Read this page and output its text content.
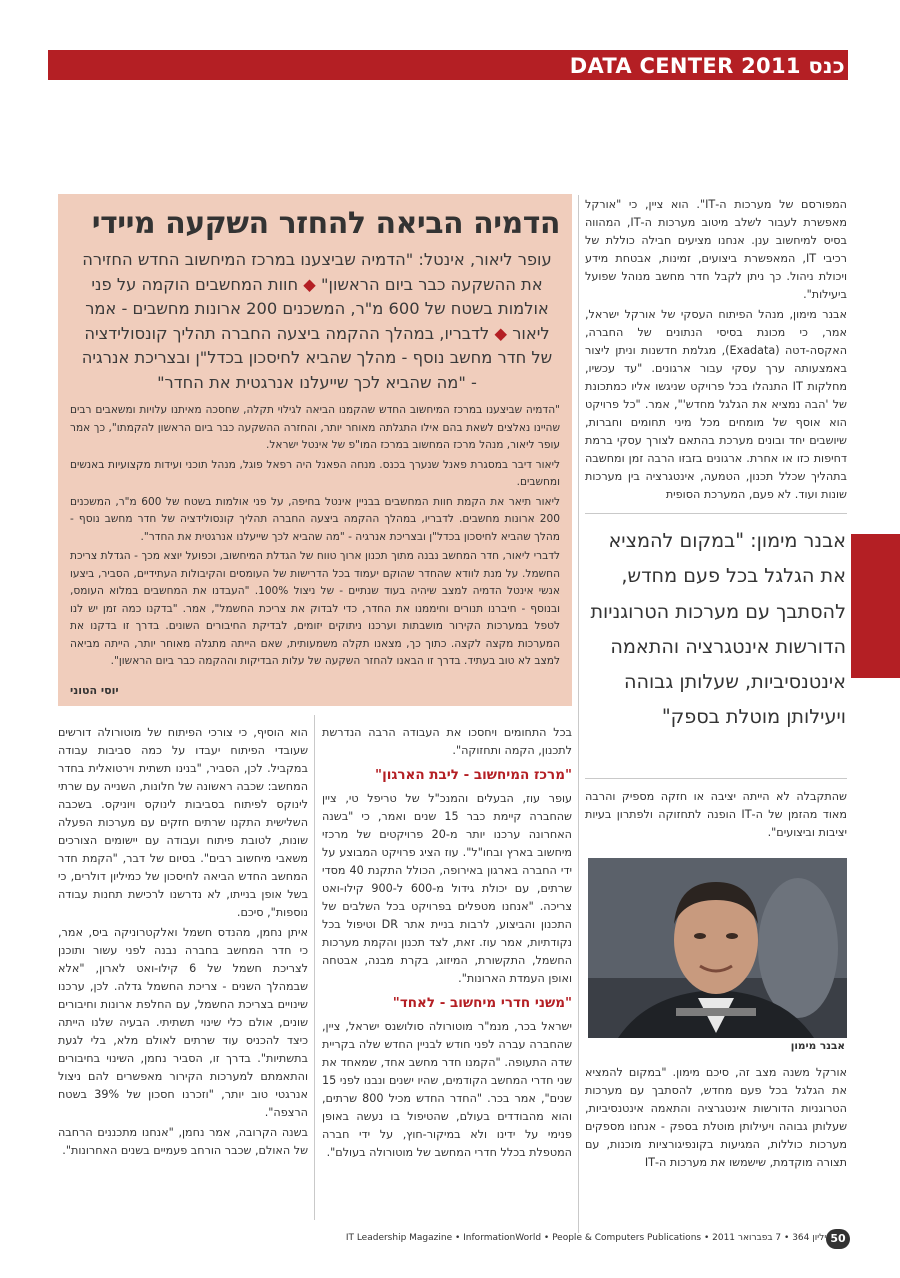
כנס DATA CENTER 2011

המפורסם של מערכות ה-IT". הוא ציין, כי "אורקל מאפשרת לעבור לשלב מיטוב מערכות ה-IT, המהווה בסיס למיחשוב ענן. אנחנו מציעים חבילה כוללת של רכיבי IT, המאפשרת ביצועים, זמינות, אבטחת מידע ויכולת ניהול. כך ניתן לקבל חדר מחשב מנוהל שפועל ביעילות".

אבנר מימון, מנהל הפיתוח העסקי של אורקל ישראל, אמר, כי מכונת בסיסי הנתונים של החברה, האקסה-דטה (Exadata), מגלמת חדשנות וניתן ליצור באמצעותה ערך עסקי עבור ארגונים. "עד עכשיו, מחלקות IT התנהלו בכל פרויקט שניגשו אליו כמתכונת של 'הבה נמציא את הגלגל מחדש'", אמר. "כל פרויקט הוא אוסף של מומחים מכל מיני תחומים וחברות, שיושבים יחד ובונים מערכת בהתאם לצורך עסקי ברמת דחיפות כזו או אחרת. ארגונים בזבזו הרבה זמן ומחשבה בתהליך שכלל תכנון, הטמעה, אינטגרציה בין מערכות שונות ועוד. לא פעם, המערכת הסופית

אבנר מימון: "במקום להמציא את הגלגל בכל פעם מחדש, להסתבך עם מערכות הטרוגניות הדורשות אינטגרציה והתאמה אינטנסיביות, שעלותן גבוהה ויעילותן מוטלת בספק"

שהתקבלה לא הייתה יציבה או חזקה מספיק והרבה מאוד מהזמן של ה-IT הופנה לתחזוקה ולפתרון בעיות יציבות וביצועים".

אבנר מימון

אורקל משנה מצב זה, סיכם מימון. "במקום להמציא את הגלגל בכל פעם מחדש, להסתבך עם מערכות הטרוגניות הדורשות אינטגרציה והתאמה אינטנסיביות, שעלותן גבוהה ויעילותן מוטלת בספק - אנחנו מספקים מערכות כוללות, המגיעות בקונפיגורציות מוכנות, עם תצורה מוקדמת, שישמשו את מערכות ה-IT

הדמיה הביאה להחזר השקעה מיידי
עופר ליאור, אינטל: "הדמיה שביצענו במרכז המיחשוב החדש החזירה את ההשקעה כבר ביום הראשון" ◆ חוות המחשבים הוקמה על פני אולמות בשטח של 600 מ"ר, המשכנים 200 ארונות מחשבים - אמר ליאור ◆ לדבריו, במהלך ההקמה ביצעה החברה תהליך קונסולידציה של חדר מחשב נוסף - מהלך שהביא לחיסכון בכדל"ן ובצריכת אנרגיה - "מה שהביא לכך שייעלנו אנרגטית את החדר"

"הדמיה שביצענו במרכז המיחשוב החדש שהקמנו הביאה לגילוי תקלה, שחסכה מאיתנו עלויות ומשאבים רבים שהיינו נאלצים לשאת בהם אילו התגלתה מאוחר יותר, והחזרה ההשקעה כבר ביום הראשון להקמתו", כך אמר עופר ליאור, מנהל מרכז המחשוב במרכז המו"פ של אינטל ישראל.

ליאור דיבר במסגרת פאנל שנערך בכנס. מנחה הפאנל היה רפאל פוגל, מנהל תוכני ועידות מקצועיות באנשים ומחשבים.

ליאור תיאר את הקמת חוות המחשבים בבניין אינטל בחיפה, על פני אולמות בשטח של 600 מ"ר, המשכנים 200 ארונות מחשבים. לדבריו, במהלך ההקמה ביצעה החברה תהליך קונסולידציה של חדר מחשב נוסף - מהלך שהביא לחיסכון בכדל"ן ובצריכת אנרגיה - "מה שהביא לכך שייעלנו אנרגטית את החדר".

לדברי ליאור, חדר המחשב נבנה מתוך תכנון ארוך טווח של הגדלת המיחשוב, וכפועל יוצא מכך - הגדלת צריכת החשמל. על מנת לוודא שהחדר שהוקם יעמוד בכל הדרישות של העומסים והקיבולות העתידיים, הסביר, ביצעו אנשי אינטל הדמיה למצב שיהיה בעוד שנתיים - של ניצול 100%. "העבדנו את המחשבים במלוא העומס, ובנוסף - חיברנו תנורים וחיממנו את החדר, כדי לבדוק את צריכת החשמל", אמר. "בדקנו כמה זמן יש לנו לטפל במערכות הקירור מושבתות וערכנו ניתוקים יזומים, לבדיקת החיבורים השונים. בדרך זו בדקנו את המערכות מקצה לקצה. כתוך כך, מצאנו תקלה משמעותית, שאם הייתה מתגלה מאוחר יותר, הייתה מביאה למצב לא טוב בעתיד. בדרך זו הבאנו להחזר השקעה של עלות הבדיקות וההקמה כבר ביום הראשון".

יוסי הטוני

בכל התחומים ויחסכו את העבודה הרבה הנדרשת לתכנון, הקמה ותחזוקה".

"מרכז המיחשוב - ליבת הארגון"

עופר עוז, הבעלים והמנכ"ל של טריפל טי, ציין שהחברה קיימת כבר 15 שנים ואמר, כי "בשנה האחרונה ערכנו יותר מ-20 פרויקטים של מרכזי מיחשוב בארץ ובחו"ל". עוז הציג פרויקט המבוצע על ידי החברה בארגון באירופה, הכולל התקנת 40 מסדי שרתים, עם יכולת גידול מ-600 ל-900 קילו-ואט צריכה. "אנחנו מטפלים בפרויקט בכל השלבים של התכנון והביצוע, לרבות בניית אתר DR וטיפול בכל נקודתיות, אמר עוז. זאת, לצד תכנון והקמת מערכות החשמל, התקשורת, המיזוג, בקרת מבנה, אבטחה ואופן העמדת הארונות".

"משני חדרי מיחשוב - לאחד"

ישראל בכר, מנמ"ר מוטורולה סולושנס ישראל, ציין, שהחברה עברה לפני חודש לבניין החדש שלה בקריית שדה התעופה. "הקמנו חדר מחשב אחד, שמאחד את שני חדרי המחשב הקודמים, שהיו ישנים ונבנו לפני 15 שנים", אמר בכר. "החדר החדש מכיל 800 שרתים, והוא מהבודדים בעולם, שהטיפול בו נעשה באופן פנימי על ידינו ולא במיקור-חוץ, על ידי חברה המטפלת בכלל חדרי המחשב של מוטורולה בעולם".

הוא הוסיף, כי צורכי הפיתוח של מוטורולה דורשים שעובדי הפיתוח יעבדו על כמה סביבות עבודה במקביל. לכן, הסביר, "בנינו תשתית וירטואלית בחדר המחשב: שכבה ראשונה של חלונות, השנייה עם שרתי לינוקס לפיתוח בסביבות לינוקס ויוניקס. בשכבה השלישית התקנו שרתים חזקים עם מערכות הפעלה שונות, לטובת פיתוח ועבודה עם יישומים הצורכים משאבי מיחשוב רבים". בסיום של דבר, "הקמת חדר המחשב החדש הביאה לחיסכון של כמיליון דולרים, כי בשל אופן בנייתו, לא נדרשנו לרכישת תחנות עבודה נוספות", סיכם.

איתן נחמן, מהנדס חשמל ואלקטרוניקה ביס, אמר, כי חדר המחשב בחברה נבנה לפני עשור ותוכנן לצריכת חשמל של 6 קילו-ואט לארון, "אלא שבמהלך השנים - צריכת החשמל גדלה. לכן, ערכנו שינויים בצריכת החשמל, עם החלפת ארונות וחיבורים שונים, אולם כלי שינוי תשתיתי. הבעיה שלנו הייתה כיצד להכניס עוד שרתים לאולם מלא, בלי לגעת בתשתיות". בדרך זו, הסביר נחמן, השינוי בחיבורים והתאמתם למערכות הקירור מאפשרים להם ניצול אנרגטי טוב יותר, "וזכרנו חסכון של 39% בשטח הרצפה".

בשנה הקרובה, אמר נחמן, "אנחנו מתכננים הרחבה של האולם, שכבר הורחב פעמיים בשנים האחרונות".

50
גיליון 364 • 7 בפברואר 2011 • IT Leadership Magazine • InformationWorld • People & Computers Publications
